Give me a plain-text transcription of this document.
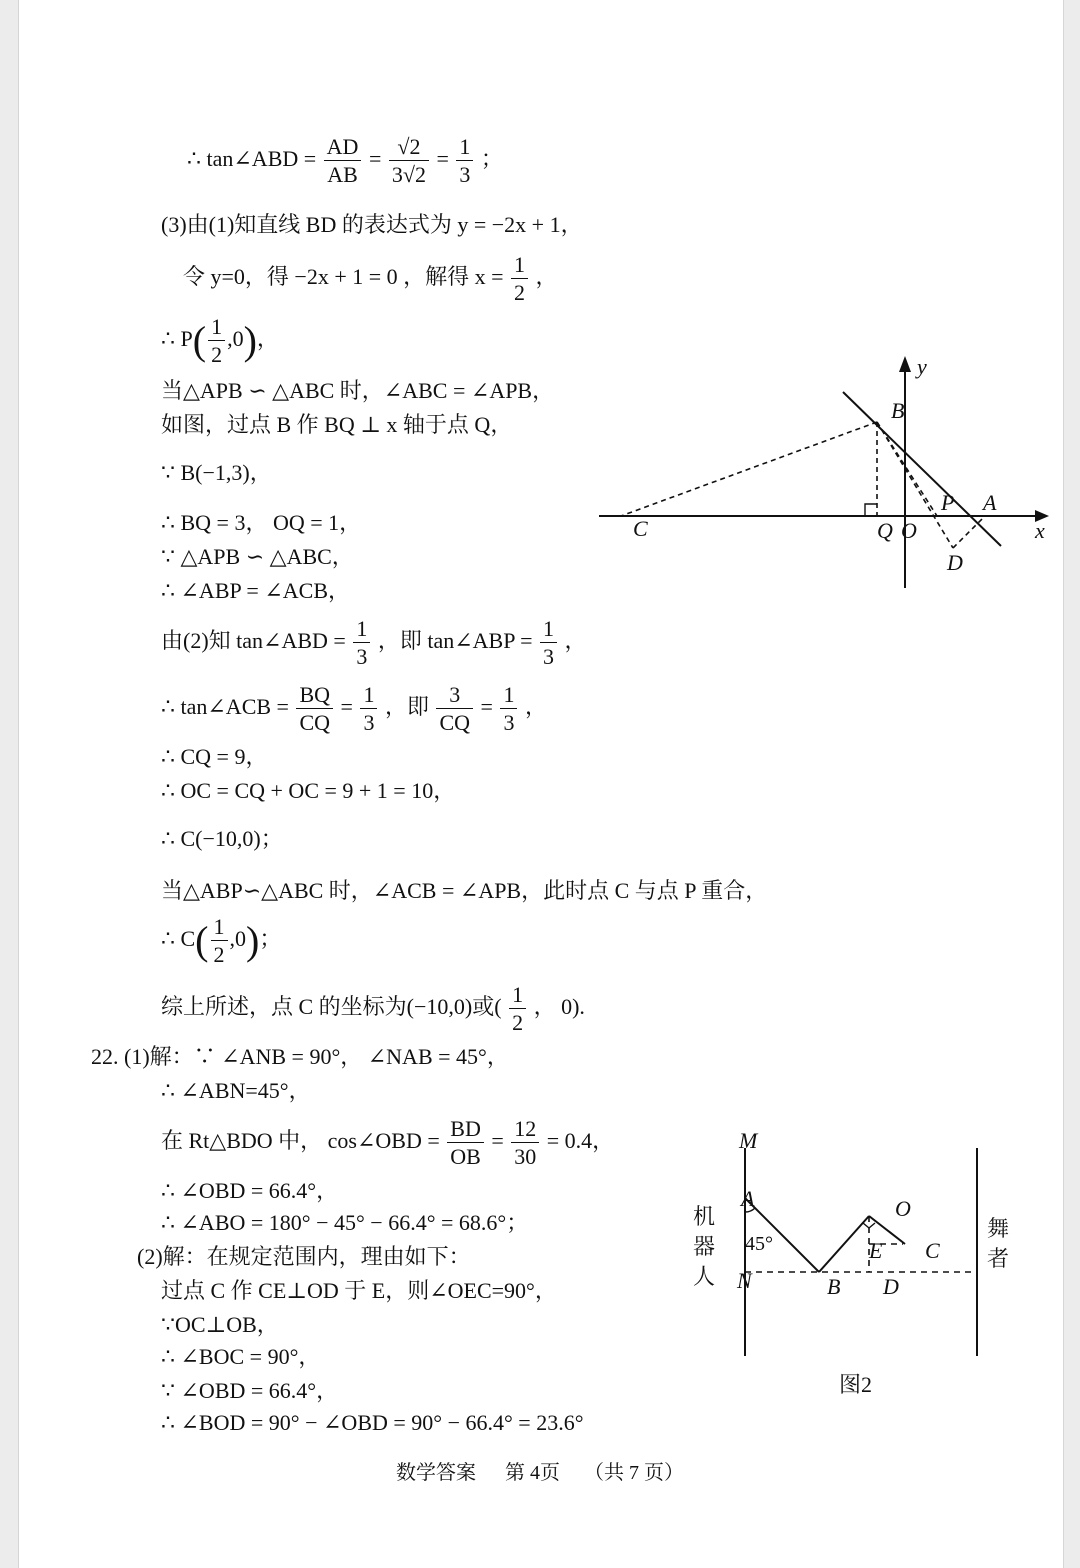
∴ tan∠ABD = $\frac{AD}{AB} = \frac{√2}{3√2} = \frac{1}{3}$ ；
(3)由(1)知直线 BD 的表达式为 y = −2x + 1，
令 y=0，得 −2x + 1 = 0 ，解得 $x = \frac{1}{2}$ ，
∴ $P( \frac{1}{2} ,0)$，
当△APB ∽ △ABC 时，∠ABC = ∠APB，
如图，过点 B 作 BQ ⊥ x 轴于点 Q，
∵ B(−1,3)，
∴ BQ = 3， OQ = 1，
∵ △APB ∽ △ABC，
∴ ∠ABP = ∠ACB，
由(2)知 tan∠ABD = $\frac{1}{3}$ ，即 tan∠ABP = $\frac{1}{3}$ ，
∴ tan∠ACB = $\frac{BQ}{CQ} = \frac{1}{3}$ ，即 $\frac{3}{CQ} = \frac{1}{3}$ ，
∴ CQ = 9，
∴ OC = CQ + OC = 9 + 1 = 10，
∴ C(−10,0)；
当△ABP∽△ABC 时，∠ACB = ∠APB，此时点 C 与点 P 重合，
∴ $C( \frac{1}{2} ,0)$；
综上所述，点 C 的坐标为(−10,0)或( $\frac{1}{2}$ ， 0).
22. (1)解：∵ ∠ANB = 90°， ∠NAB = 45°，
∴ ∠ABN=45°，
在 Rt△BDO 中， cos∠OBD = $\frac{BD}{OB} = \frac{12}{30} = 0.4$，
∴ ∠OBD = 66.4°，
∴ ∠ABO = 180° − 45° − 66.4° = 68.6°；
(2)解：在规定范围内，理由如下：
过点 C 作 CE⊥OD 于 E，则∠OEC=90°，
∵OC⊥OB，
∴ ∠BOC = 90°，
∵ ∠OBD = 66.4°，
∴ ∠BOD = 90° − ∠OBD = 90° − 66.4° = 23.6°
y
x
B
Q O
P A
C
D
M
A
N	B
O
E C
D
45°
机
器
人
舞
者
图2
数学答案 第 4页 （共 7 页）
